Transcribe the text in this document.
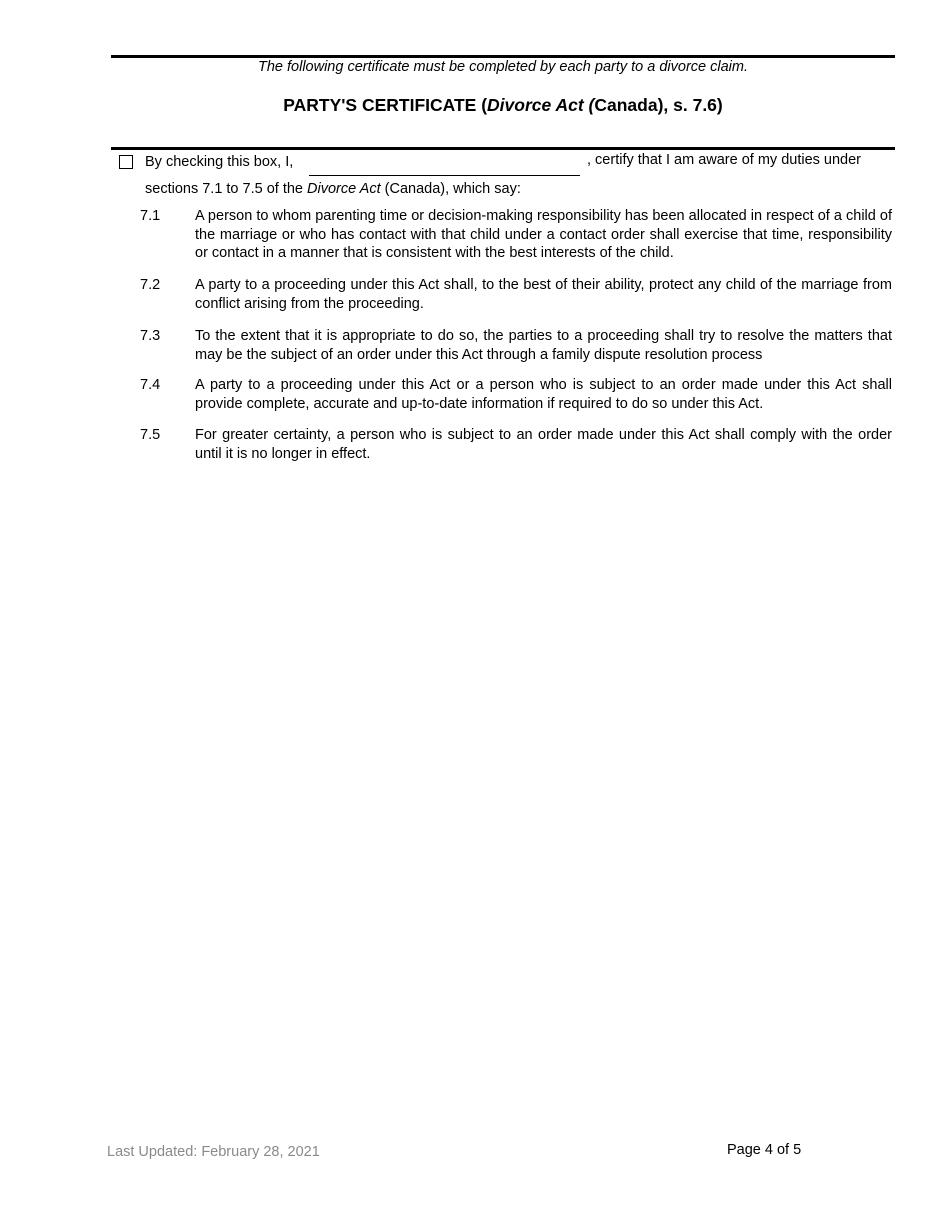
The following certificate must be completed by each party to a divorce claim.
PARTY'S CERTIFICATE (Divorce Act (Canada), s. 7.6)
By checking this box, I,	, certify that I am aware of my duties under
sections 7.1 to 7.5 of the Divorce Act (Canada), which say:
7.1 A person to whom parenting time or decision-making responsibility has been allocated in respect of a child of the marriage or who has contact with that child under a contact order shall exercise that time, responsibility or contact in a manner that is consistent with the best interests of the child.
7.2 A party to a proceeding under this Act shall, to the best of their ability, protect any child of the marriage from conflict arising from the proceeding.
7.3 To the extent that it is appropriate to do so, the parties to a proceeding shall try to resolve the matters that may be the subject of an order under this Act through a family dispute resolution process
7.4 A party to a proceeding under this Act or a person who is subject to an order made under this Act shall provide complete, accurate and up-to-date information if required to do so under this Act.
7.5 For greater certainty, a person who is subject to an order made under this Act shall comply with the order until it is no longer in effect.
Last Updated: February 28, 2021	Page 4 of 5
